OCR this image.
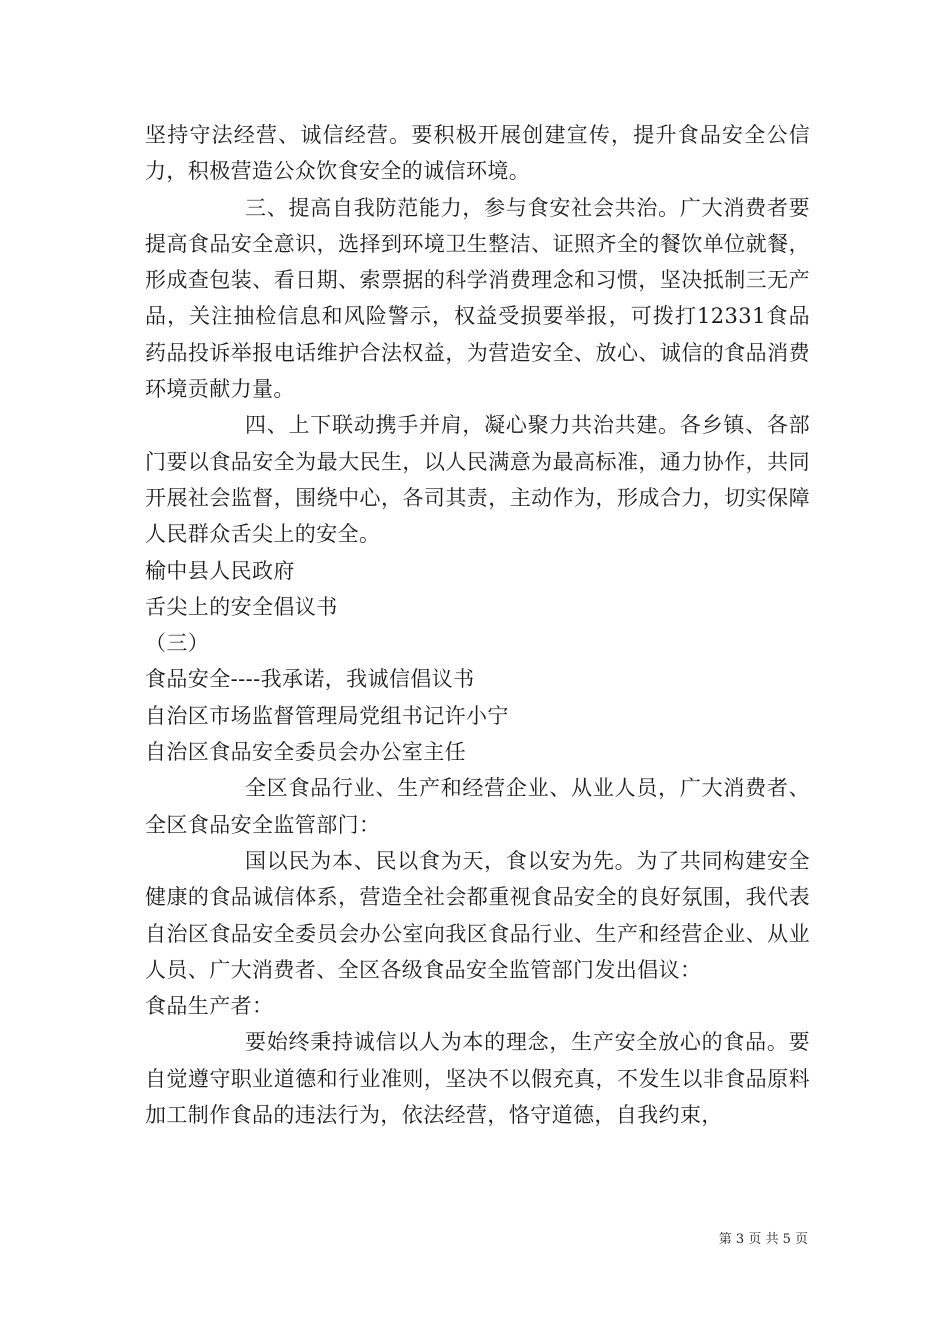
坚持守法经营、诚信经营。要积极开展创建宣传，提升食品安全公信力，积极营造公众饮食安全的诚信环境。

三、提高自我防范能力，参与食安社会共治。广大消费者要提高食品安全意识，选择到环境卫生整洁、证照齐全的餐饮单位就餐，形成查包装、看日期、索票据的科学消费理念和习惯，坚决抵制三无产品，关注抽检信息和风险警示，权益受损要举报，可拨打12331食品药品投诉举报电话维护合法权益，为营造安全、放心、诚信的食品消费环境贡献力量。

四、上下联动携手并肩，凝心聚力共治共建。各乡镇、各部门要以食品安全为最大民生，以人民满意为最高标准，通力协作，共同开展社会监督，围绕中心，各司其责，主动作为，形成合力，切实保障人民群众舌尖上的安全。

榆中县人民政府

舌尖上的安全倡议书

（三）

食品安全----我承诺，我诚信倡议书

自治区市场监督管理局党组书记许小宁

自治区食品安全委员会办公室主任

全区食品行业、生产和经营企业、从业人员，广大消费者、全区食品安全监管部门：

国以民为本、民以食为天，食以安为先。为了共同构建安全健康的食品诚信体系，营造全社会都重视食品安全的良好氛围，我代表自治区食品安全委员会办公室向我区食品行业、生产和经营企业、从业人员、广大消费者、全区各级食品安全监管部门发出倡议：

食品生产者：

要始终秉持诚信以人为本的理念，生产安全放心的食品。要自觉遵守职业道德和行业准则，坚决不以假充真，不发生以非食品原料加工制作食品的违法行为，依法经营，恪守道德，自我约束，

第 3 页 共 5 页
